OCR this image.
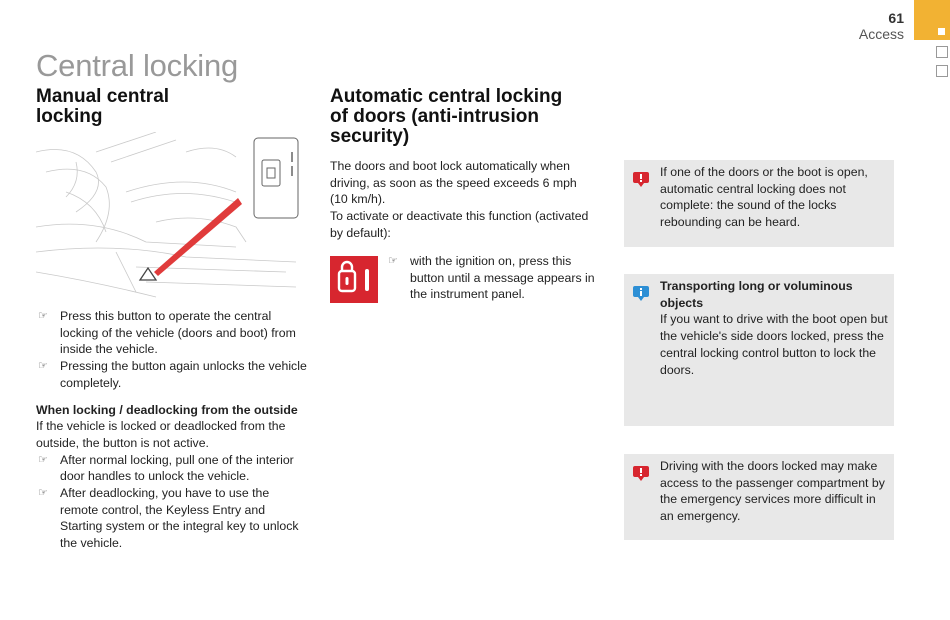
61
Access
Central locking
Manual central
locking
☞ Press this button to operate the central locking of the vehicle (doors and boot) from inside the vehicle.
☞ Pressing the button again unlocks the vehicle completely.

When locking / deadlocking from the outside

If the vehicle is locked or deadlocked from the outside, the button is not active.

☞ After normal locking, pull one of the interior door handles to unlock the vehicle.
☞ After deadlocking, you have to use the remote control, the Keyless Entry and Starting system or the integral key to unlock the vehicle.
Automatic central locking
of doors (anti-intrusion
security)

The doors and boot lock automatically when driving, as soon as the speed exceeds 6 mph (10 km/h).

To activate or deactivate this function (activated by default):

☞ with the ignition on, press this button until a message appears in the instrument panel.
If one of the doors or the boot is open, automatic central locking does not complete: the sound of the locks rebounding can be heard.
Transporting long or voluminous objects
If you want to drive with the boot open but the vehicle's side doors locked, press the central locking control button to lock the doors.
Driving with the doors locked may make access to the passenger compartment by the emergency services more difficult in an emergency.
